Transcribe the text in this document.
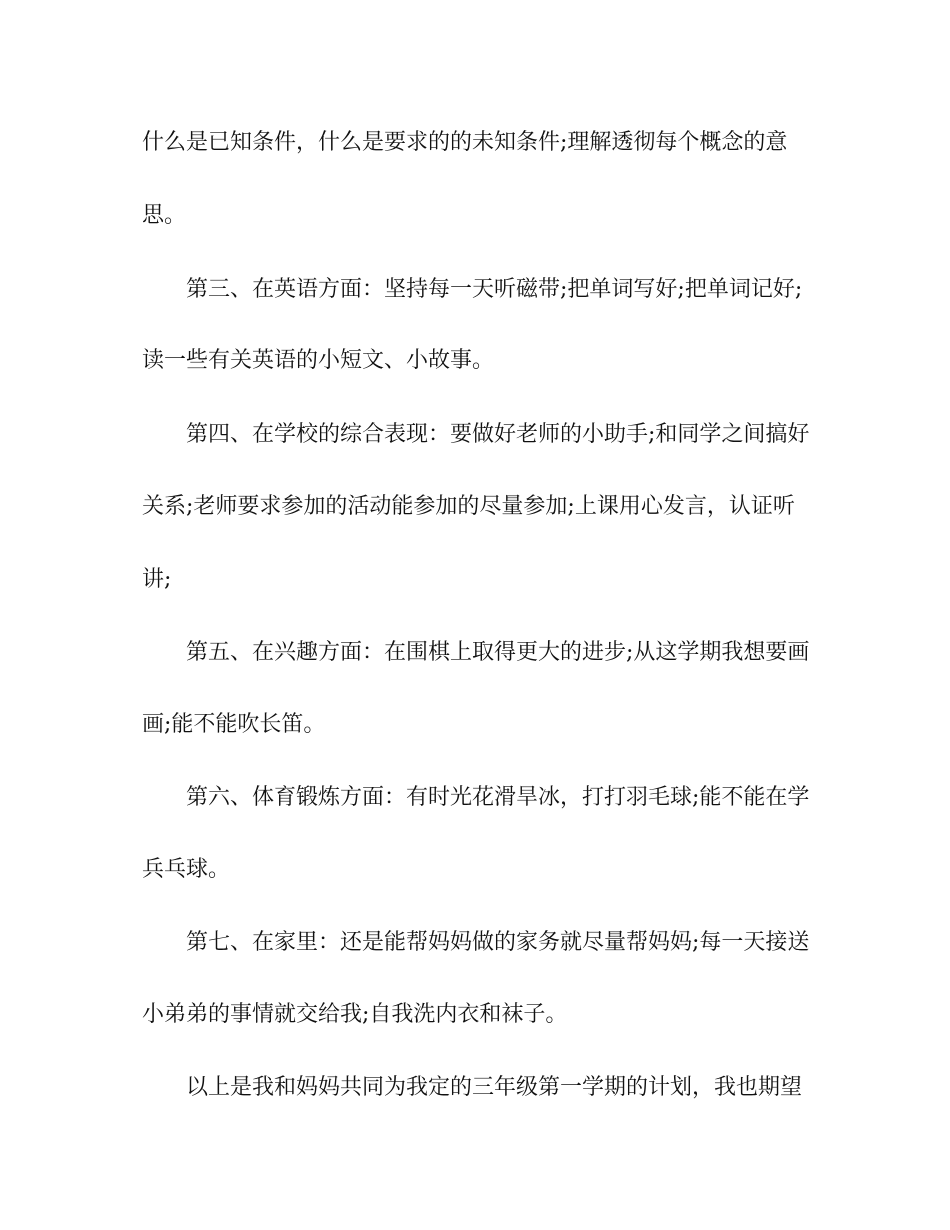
什么是已知条件，什么是要求的的未知条件;理解透彻每个概念的意
思。
第三、在英语方面：坚持每一天听磁带;把单词写好;把单词记好;
读一些有关英语的小短文、小故事。
第四、在学校的综合表现：要做好老师的小助手;和同学之间搞好
关系;老师要求参加的活动能参加的尽量参加;上课用心发言，认证听
讲;
第五、在兴趣方面：在围棋上取得更大的进步;从这学期我想要画
画;能不能吹长笛。
第六、体育锻炼方面：有时光花滑旱冰，打打羽毛球;能不能在学
兵乓球。
第七、在家里：还是能帮妈妈做的家务就尽量帮妈妈;每一天接送
小弟弟的事情就交给我;自我洗内衣和袜子。
以上是我和妈妈共同为我定的三年级第一学期的计划，我也期望
